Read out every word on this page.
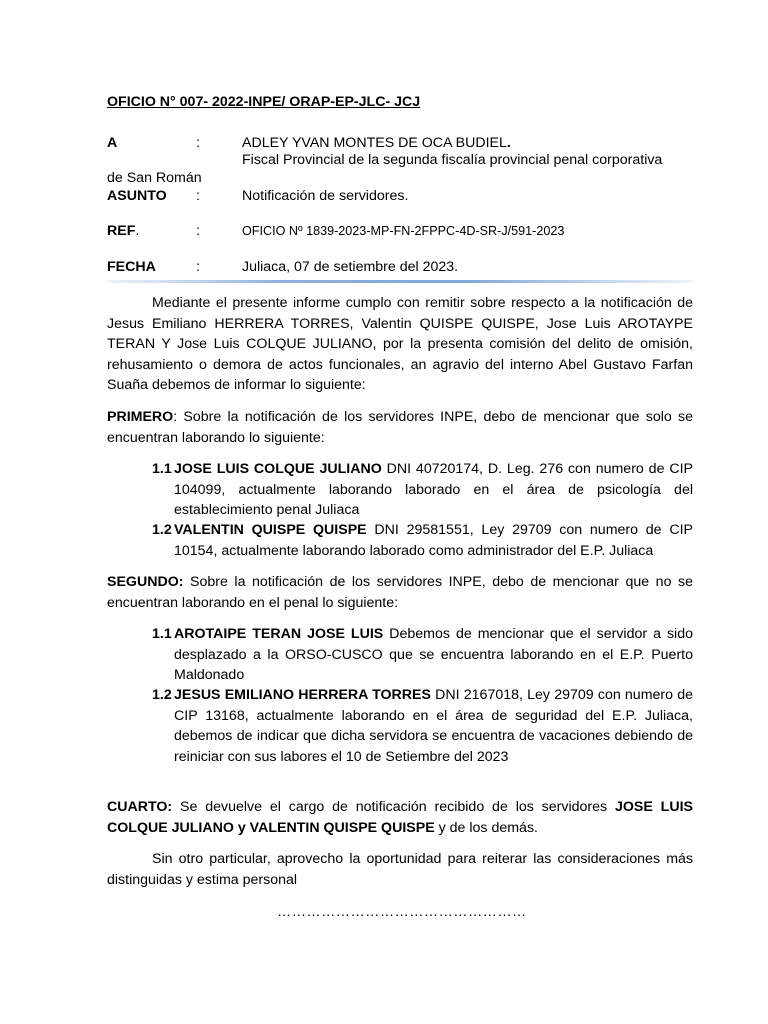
OFICIO N° 007- 2022-INPE/ ORAP-EP-JLC- JCJ
A	:	ADLEY YVAN MONTES DE OCA BUDIEL.
Fiscal Provincial de la segunda fiscalía provincial penal corporativa
de San Román
ASUNTO :	Notificación de servidores.
REF.	:	OFICIO Nº 1839-2023-MP-FN-2FPPC-4D-SR-J/591-2023
FECHA	:	Juliaca, 07 de setiembre del 2023.
Mediante el presente informe cumplo con remitir sobre respecto a la notificación de Jesus Emiliano HERRERA TORRES, Valentin QUISPE QUISPE, Jose Luis AROTAYPE TERAN Y Jose Luis COLQUE JULIANO, por la presenta comisión del delito de omisión, rehusamiento o demora de actos funcionales, an agravio del interno Abel Gustavo Farfan Suaña debemos de informar lo siguiente:
PRIMERO: Sobre la notificación de los servidores INPE, debo de mencionar que solo se encuentran laborando lo siguiente:
1.1 JOSE LUIS COLQUE JULIANO DNI 40720174, D. Leg. 276 con numero de CIP 104099, actualmente laborando laborado en el área de psicología del establecimiento penal Juliaca
1.2 VALENTIN QUISPE QUISPE DNI 29581551, Ley 29709 con numero de CIP 10154, actualmente laborando laborado como administrador del E.P. Juliaca
SEGUNDO: Sobre la notificación de los servidores INPE, debo de mencionar que no se encuentran laborando en el penal lo siguiente:
1.1 AROTAIPE TERAN JOSE LUIS Debemos de mencionar que el servidor a sido desplazado a la ORSO-CUSCO que se encuentra laborando en el E.P. Puerto Maldonado
1.2 JESUS EMILIANO HERRERA TORRES DNI 2167018, Ley 29709 con numero de CIP 13168, actualmente laborando en el área de seguridad del E.P. Juliaca, debemos de indicar que dicha servidora se encuentra de vacaciones debiendo de reiniciar con sus labores el 10 de Setiembre del 2023
CUARTO: Se devuelve el cargo de notificación recibido de los servidores JOSE LUIS COLQUE JULIANO y VALENTIN QUISPE QUISPE y de los demás.
Sin otro particular, aprovecho la oportunidad para reiterar las consideraciones más distinguidas y estima personal
……………………………………………
